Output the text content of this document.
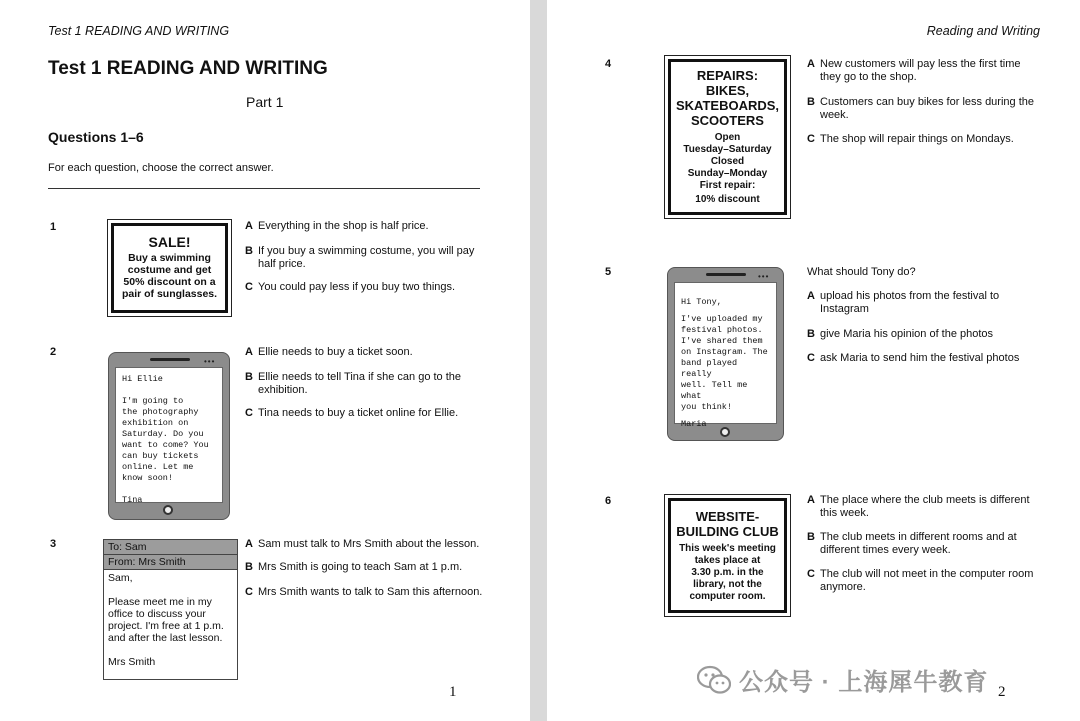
Test 1 READING AND WRITING
Test 1 READING AND WRITING
Part 1
Questions 1–6
For each question, choose the correct answer.
1
SALE!
Buy a swimming
costume and get
50% discount on a
pair of sunglasses.
A Everything in the shop is half price.
B If you buy a swimming costume, you will pay half price.
C You could pay less if you buy two things.
2
•••
Hi Ellie

I'm going to
the photography
exhibition on
Saturday. Do you
want to come? You
can buy tickets
online. Let me
know soon!

Tina
A Ellie needs to buy a ticket soon.
B Ellie needs to tell Tina if she can go to the exhibition.
C Tina needs to buy a ticket online for Ellie.
3	To: Sam
From: Mrs Smith
Sam,

Please meet me in my
office to discuss your
project. I'm free at 1 p.m.
and after the last lesson.

Mrs Smith
A Sam must talk to Mrs Smith about the lesson.
B Mrs Smith is going to teach Sam at 1 p.m.
C Mrs Smith wants to talk to Sam this afternoon.
1
Reading and Writing
4
REPAIRS:
BIKES,
SKATEBOARDS,
SCOOTERS
Open
Tuesday–Saturday
Closed
Sunday–Monday
First repair:
10% discount
A New customers will pay less the first time they go to the shop.
B Customers can buy bikes for less during the week.
C The shop will repair things on Mondays.
5	•••
Hi Tony,
I've uploaded my
festival photos.
I've shared them
on Instagram. The
band played really
well. Tell me what
you think!
Maria
What should Tony do?
A upload his photos from the festival to Instagram
B give Maria his opinion of the photos
C ask Maria to send him the festival photos
6
WEBSITE-
BUILDING CLUB
This week's meeting
takes place at
3.30 p.m. in the
library, not the
computer room.
A The place where the club meets is different this week.
B The club meets in different rooms and at different times every week.
C The club will not meet in the computer room anymore.
2
公众号 · 上海犀牛教育
